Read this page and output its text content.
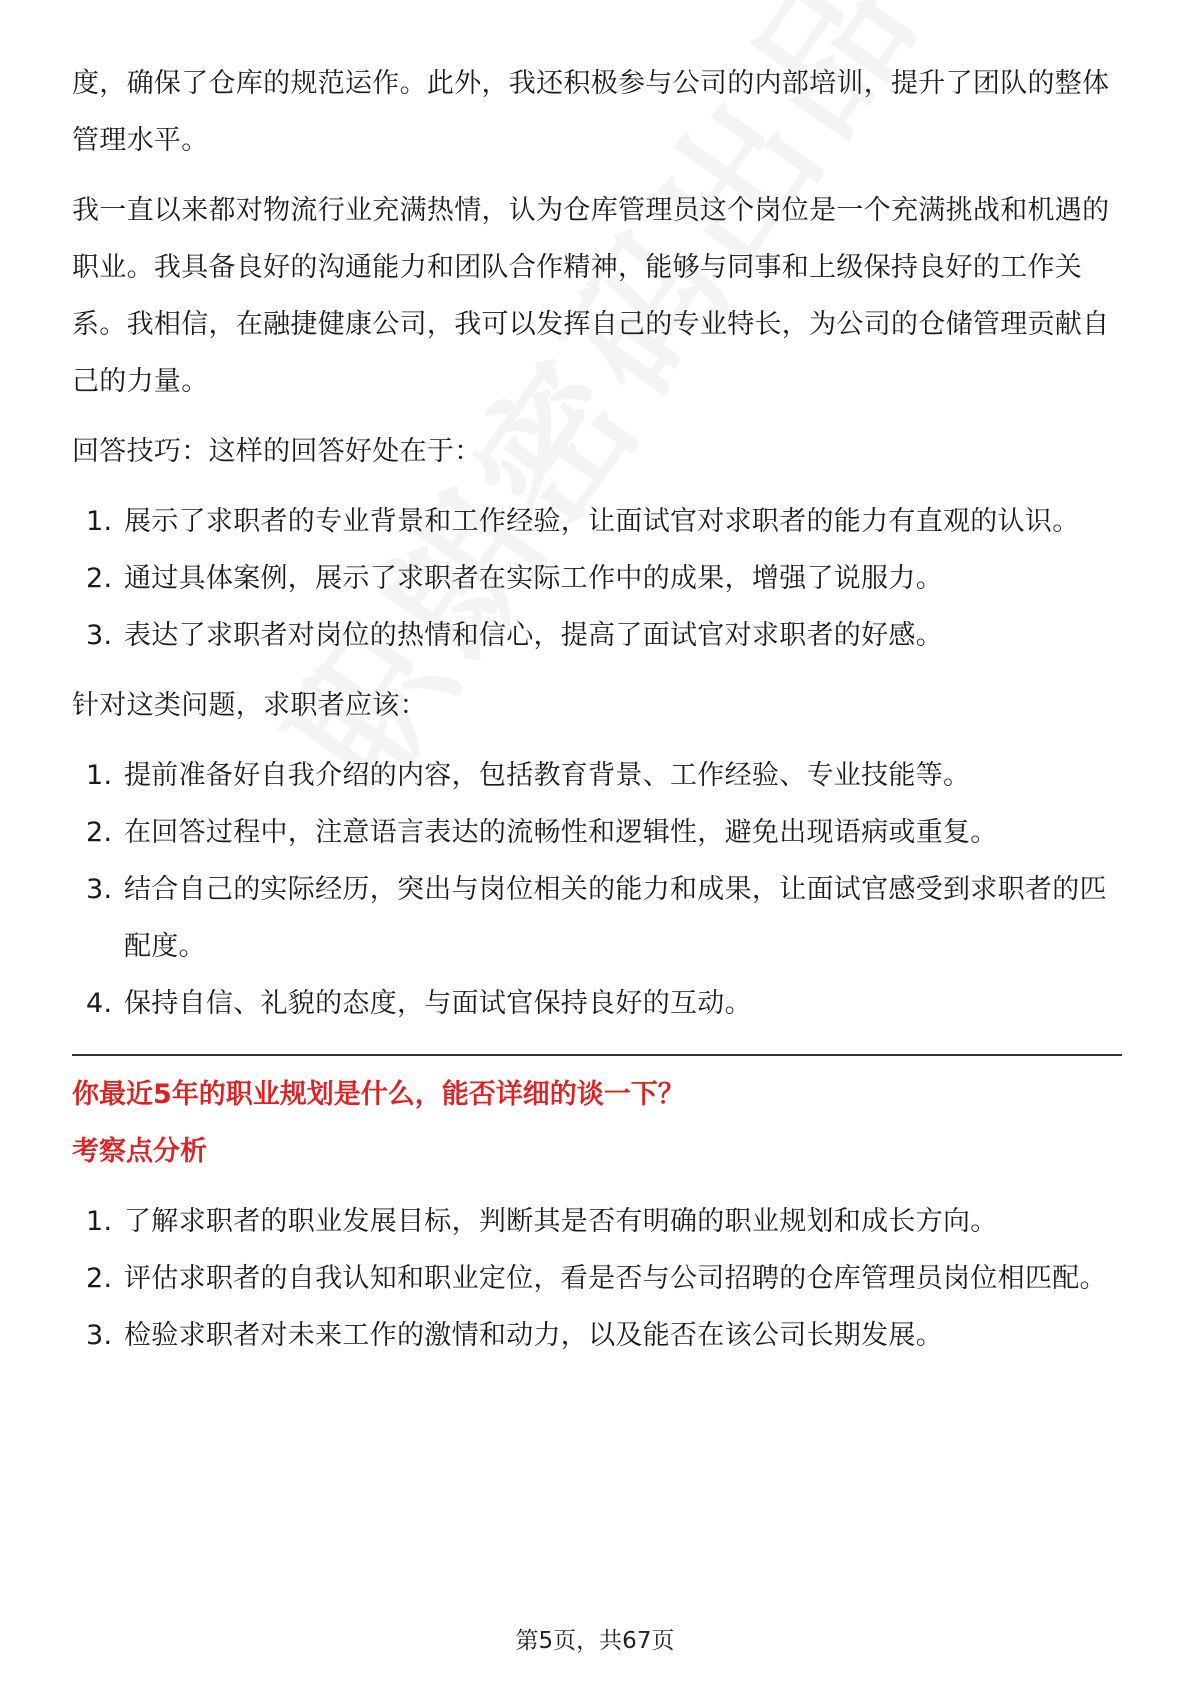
度，确保了仓库的规范运作。此外，我还积极参与公司的内部培训，提升了团队的整体管理水平。

我一直以来都对物流行业充满热情，认为仓库管理员这个岗位是一个充满挑战和机遇的职业。我具备良好的沟通能力和团队合作精神，能够与同事和上级保持良好的工作关系。我相信，在融捷健康公司，我可以发挥自己的专业特长，为公司的仓储管理贡献自己的力量。

回答技巧：这样的回答好处在于：

1. 展示了求职者的专业背景和工作经验，让面试官对求职者的能力有直观的认识。
2. 通过具体案例，展示了求职者在实际工作中的成果，增强了说服力。
3. 表达了求职者对岗位的热情和信心，提高了面试官对求职者的好感。

针对这类问题，求职者应该：

1. 提前准备好自我介绍的内容，包括教育背景、工作经验、专业技能等。
2. 在回答过程中，注意语言表达的流畅性和逻辑性，避免出现语病或重复。
3. 结合自己的实际经历，突出与岗位相关的能力和成果，让面试官感受到求职者的匹配度。
4. 保持自信、礼貌的态度，与面试官保持良好的互动。

你最近5年的职业规划是什么，能否详细的谈一下？

考察点分析

1. 了解求职者的职业发展目标，判断其是否有明确的职业规划和成长方向。
2. 评估求职者的自我认知和职业定位，看是否与公司招聘的仓库管理员岗位相匹配。
3. 检验求职者对未来工作的激情和动力，以及能否在该公司长期发展。
第5页，共67页
